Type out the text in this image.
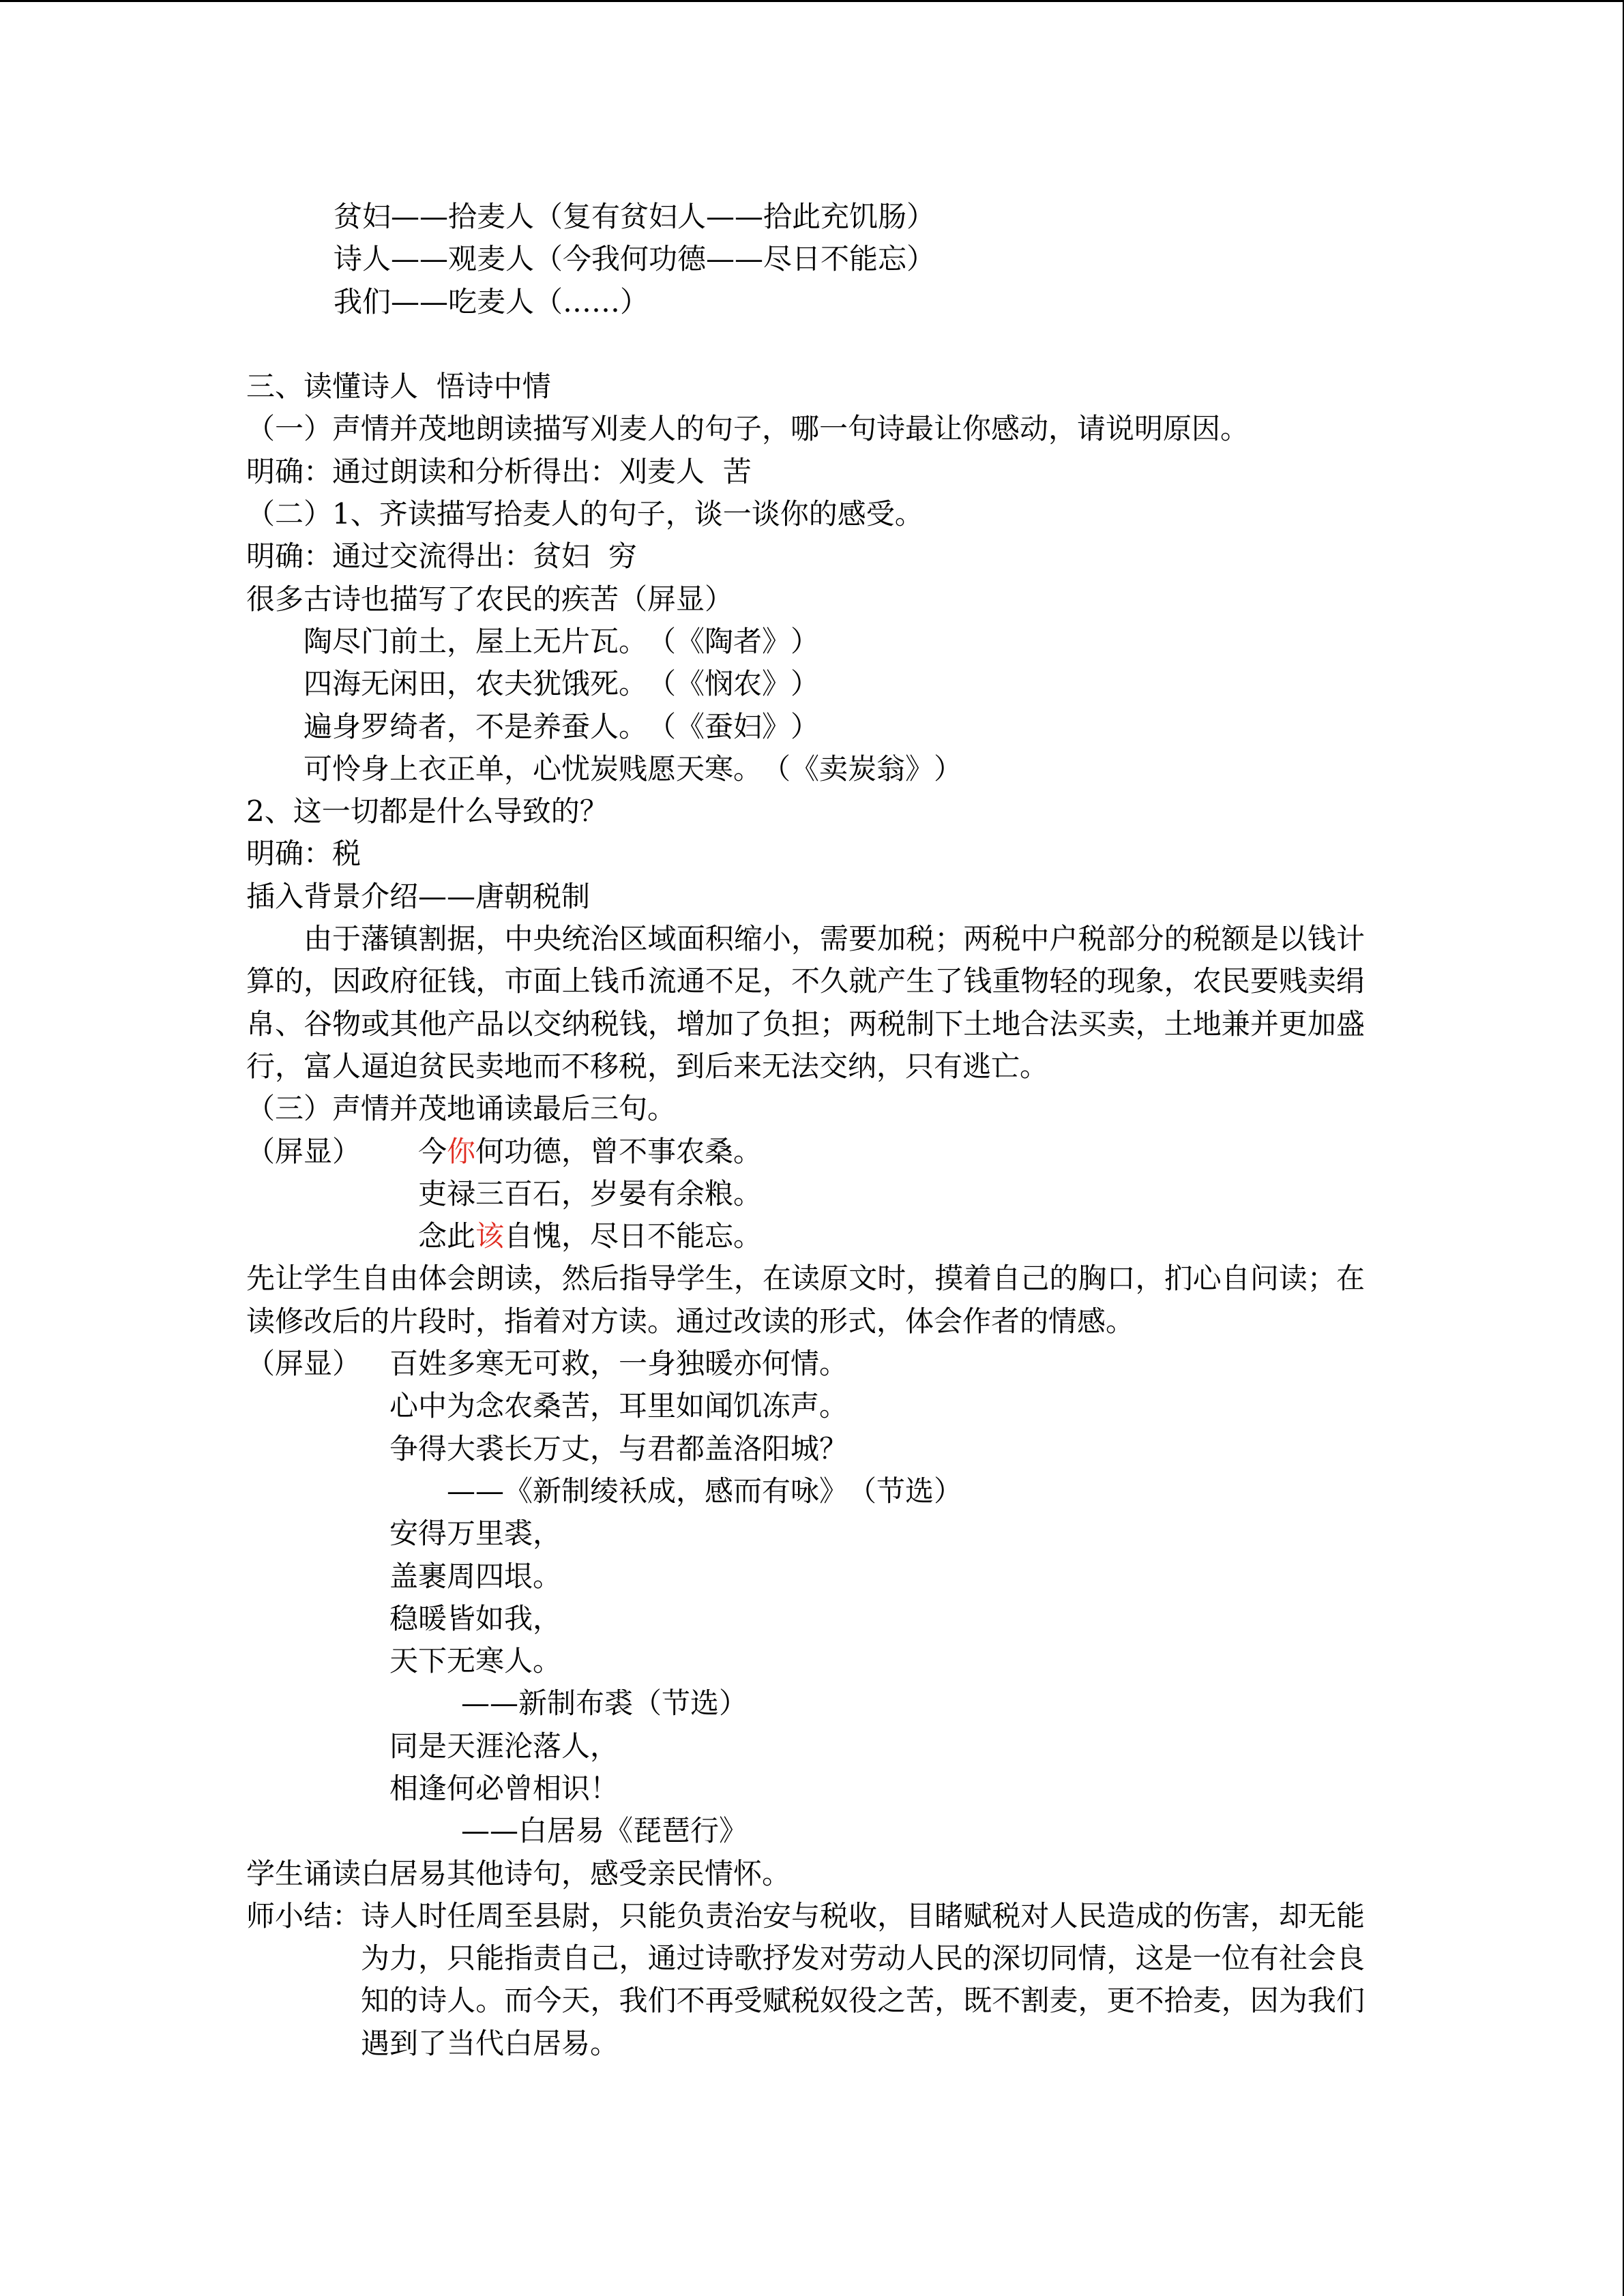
贫妇——拾麦人（复有贫妇人——拾此充饥肠）
诗人——观麦人（今我何功德——尽日不能忘）
我们——吃麦人（……）
三、读懂诗人  悟诗中情
（一）声情并茂地朗读描写刈麦人的句子，哪一句诗最让你感动，请说明原因。
明确：通过朗读和分析得出：刈麦人  苦
（二）1、齐读描写拾麦人的句子，谈一谈你的感受。
明确：通过交流得出：贫妇  穷
很多古诗也描写了农民的疾苦（屏显）
陶尽门前土，屋上无片瓦。（《陶者》）
四海无闲田，农夫犹饿死。（《悯农》）
遍身罗绮者，不是养蚕人。（《蚕妇》）
可怜身上衣正单，心忧炭贱愿天寒。（《卖炭翁》）
2、这一切都是什么导致的？
明确：税
插入背景介绍——唐朝税制
由于藩镇割据，中央统治区域面积缩小，需要加税；两税中户税部分的税额是以钱计算的，因政府征钱，市面上钱币流通不足，不久就产生了钱重物轻的现象，农民要贱卖绢帛、谷物或其他产品以交纳税钱，增加了负担；两税制下土地合法买卖，土地兼并更加盛行，富人逼迫贫民卖地而不移税，到后来无法交纳，只有逃亡。
（三）声情并茂地诵读最后三句。
（屏显） 今你何功德，曾不事农桑。
吏禄三百石，岁晏有余粮。
念此该自愧，尽日不能忘。
先让学生自由体会朗读，然后指导学生，在读原文时，摸着自己的胸口，扪心自问读；在读修改后的片段时，指着对方读。通过改读的形式，体会作者的情感。
（屏显） 百姓多寒无可救，一身独暖亦何情。
心中为念农桑苦，耳里如闻饥冻声。
争得大裘长万丈，与君都盖洛阳城？
——《新制绫袄成，感而有咏》（节选）
安得万里裘，
盖裹周四垠。
稳暖皆如我，
天下无寒人。
——新制布裘（节选）
同是天涯沦落人，
相逢何必曾相识！
——白居易《琵琶行》
学生诵读白居易其他诗句，感受亲民情怀。
师小结：诗人时任周至县尉，只能负责治安与税收，目睹赋税对人民造成的伤害，却无能为力，只能指责自己，通过诗歌抒发对劳动人民的深切同情，这是一位有社会良知的诗人。而今天，我们不再受赋税奴役之苦，既不割麦，更不拾麦，因为我们遇到了当代白居易。
